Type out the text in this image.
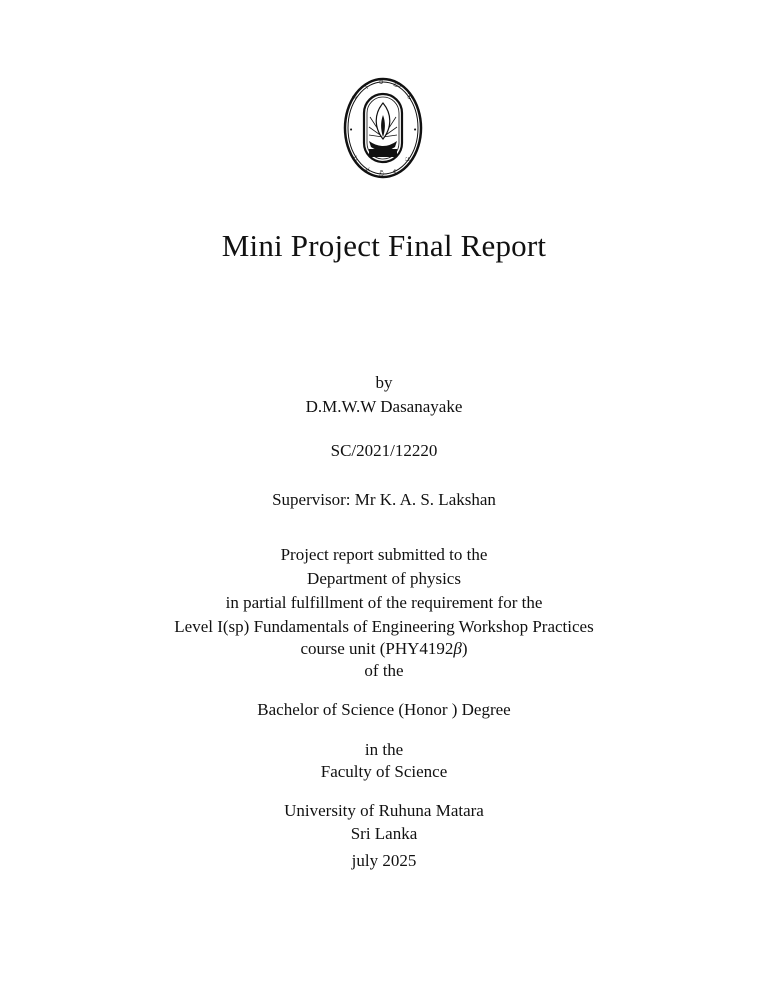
ශ
ද ර ණ
ම
•	•
ර
ජ වි ද
ය
Mini Project Final Report
by
D.M.W.W Dasanayake
SC/2021/12220
Supervisor: Mr K. A. S. Lakshan
Project report submitted to the
Department of physics
in partial fulfillment of the requirement for the
Level I(sp) Fundamentals of Engineering Workshop Practices
course unit (PHY4192β)
of the
Bachelor of Science (Honor ) Degree
in the
Faculty of Science
University of Ruhuna Matara
Sri Lanka
july 2025
